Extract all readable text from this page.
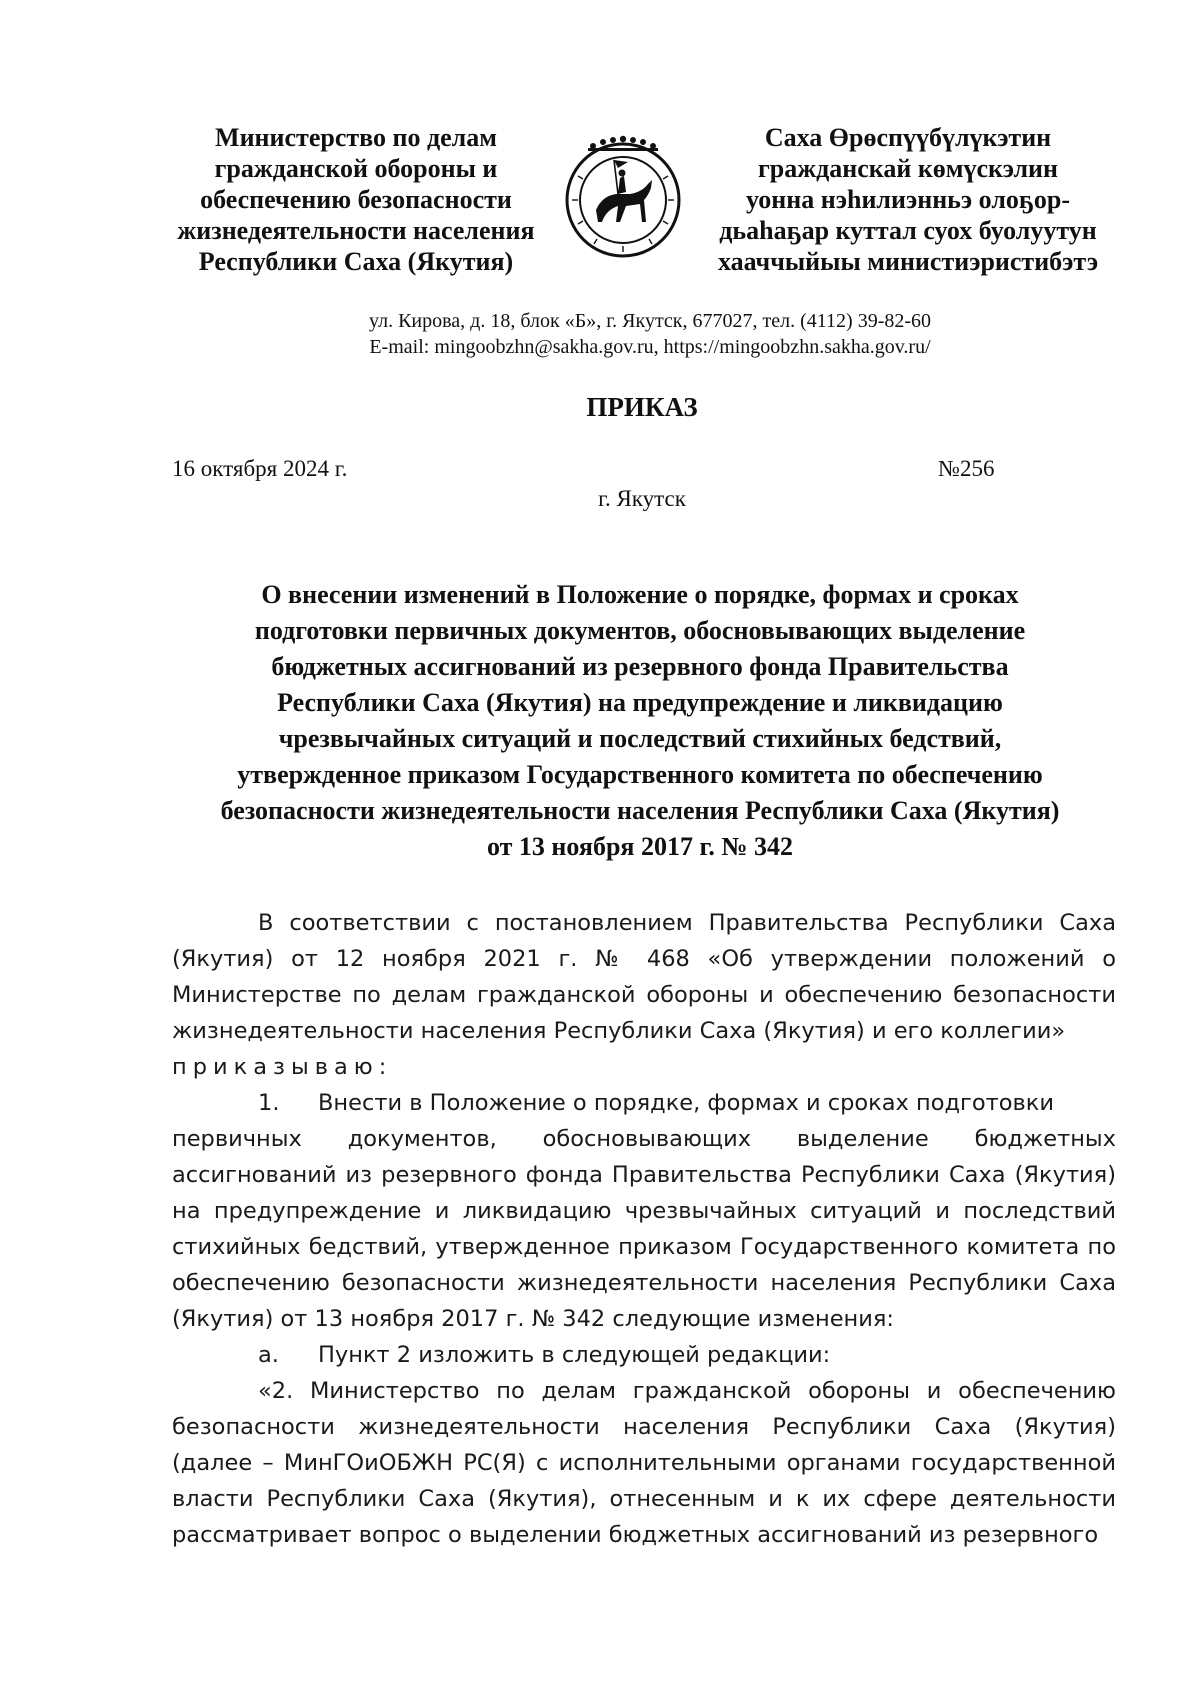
Министерство по делам
гражданской обороны и
обеспечению безопасности
жизнедеятельности населения
Республики Саха (Якутия)
Саха Өрөспүүбүлүкэтин
гражданскай көмүскэлин
уонна нэһилиэнньэ олоҕор-
дьаһаҕар куттал суох буолуутун
хааччыйыы министиэристибэтэ
ул. Кирова, д. 18, блок «Б», г. Якутск, 677027, тел. (4112) 39-82-60
E-mail: mingoobzhn@sakha.gov.ru, https://mingoobzhn.sakha.gov.ru/
ПРИКАЗ
16 октября 2024 г.	№256
г. Якутск
О внесении изменений в Положение о порядке, формах и сроках
подготовки первичных документов, обосновывающих выделение
бюджетных ассигнований из резервного фонда Правительства
Республики Саха (Якутия) на предупреждение и ликвидацию
чрезвычайных ситуаций и последствий стихийных бедствий,
утвержденное приказом Государственного комитета по обеспечению
безопасности жизнедеятельности населения Республики Саха (Якутия)
от 13 ноября 2017 г. № 342

В соответствии с постановлением Правительства Республики Саха (Якутия) от 12 ноября 2021 г. № 468 «Об утверждении положений о Министерстве по делам гражданской обороны и обеспечению безопасности жизнедеятельности населения Республики Саха (Якутия) и его коллегии»

приказываю:

1.	Внести в Положение о порядке, формах и сроках подготовки

первичных документов, обосновывающих выделение бюджетных ассигнований из резервного фонда Правительства Республики Саха (Якутия) на предупреждение и ликвидацию чрезвычайных ситуаций и последствий стихийных бедствий, утвержденное приказом Государственного комитета по обеспечению безопасности жизнедеятельности населения Республики Саха (Якутия) от 13 ноября 2017 г. № 342 следующие изменения:

а.	Пункт 2 изложить в следующей редакции:

«2. Министерство по делам гражданской обороны и обеспечению безопасности жизнедеятельности населения Республики Саха (Якутия) (далее – МинГОиОБЖН РС(Я) с исполнительными органами государственной власти Республики Саха (Якутия), отнесенным и к их сфере деятельности рассматривает вопрос о выделении бюджетных ассигнований из резервного
